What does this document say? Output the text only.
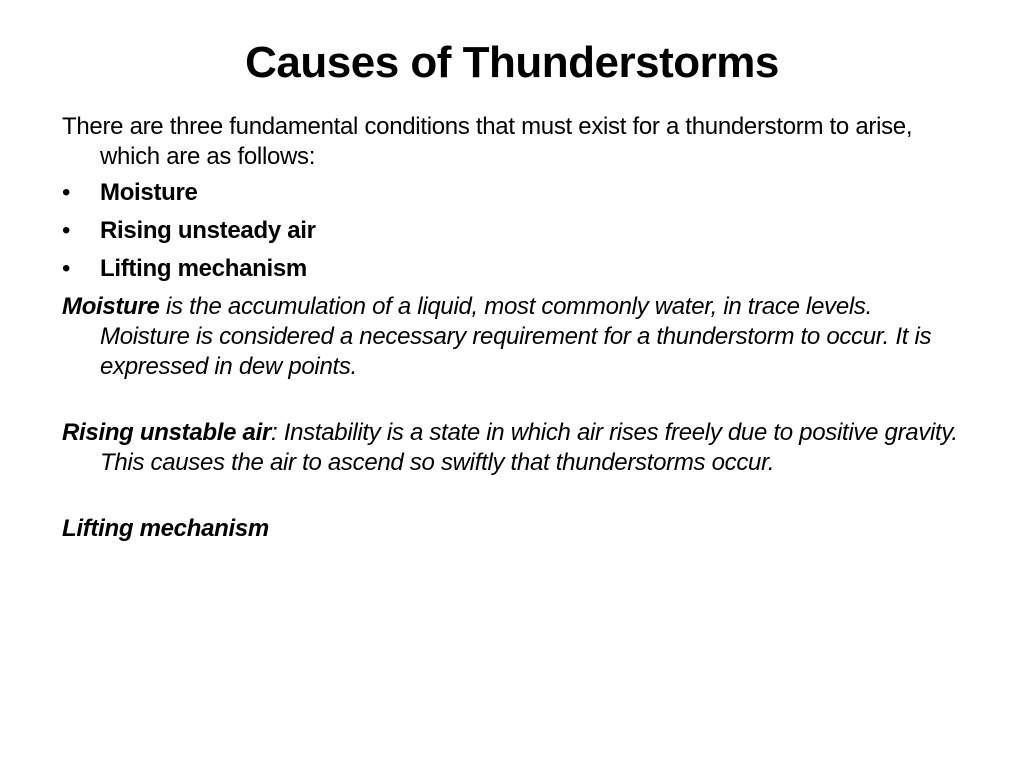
Causes of Thunderstorms

There are three fundamental conditions that must exist for a thunderstorm to arise, which are as follows:

•	Moisture
•	Rising unsteady air
•	Lifting mechanism

Moisture is the accumulation of a liquid, most commonly water, in trace levels. Moisture is considered a necessary requirement for a thunderstorm to occur. It is expressed in dew points.

Rising unstable air: Instability is a state in which air rises freely due to positive gravity. This causes the air to ascend so swiftly that thunderstorms occur.

Lifting mechanism
